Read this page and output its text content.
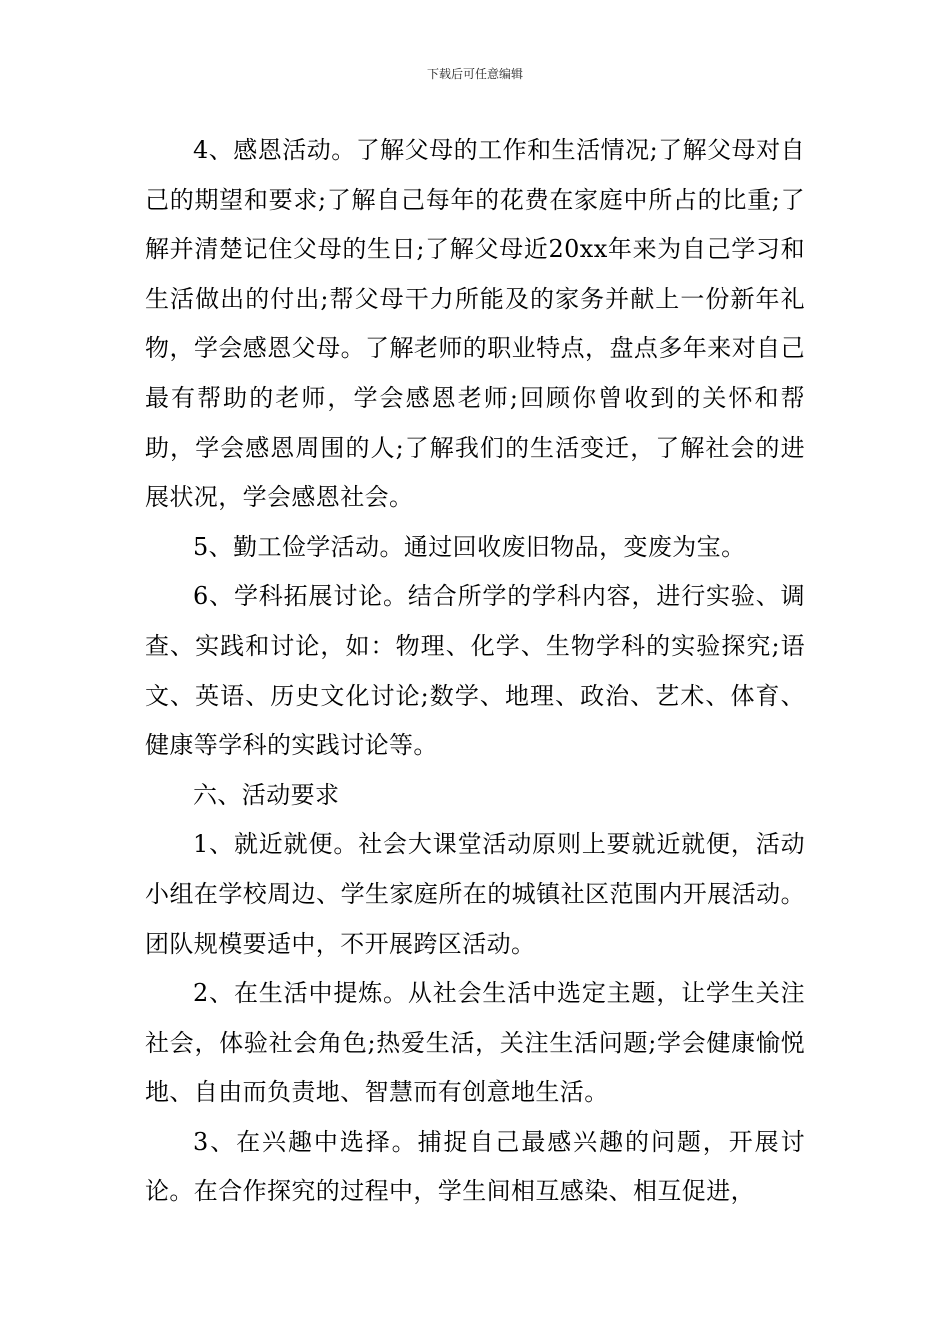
下载后可任意编辑

4、感恩活动。了解父母的工作和生活情况;了解父母对自己的期望和要求;了解自己每年的花费在家庭中所占的比重;了解并清楚记住父母的生日;了解父母近20xx年来为自己学习和生活做出的付出;帮父母干力所能及的家务并献上一份新年礼物，学会感恩父母。了解老师的职业特点，盘点多年来对自己最有帮助的老师，学会感恩老师;回顾你曾收到的关怀和帮助，学会感恩周围的人;了解我们的生活变迁，了解社会的进展状况，学会感恩社会。

5、勤工俭学活动。通过回收废旧物品，变废为宝。

6、学科拓展讨论。结合所学的学科内容，进行实验、调查、实践和讨论，如：物理、化学、生物学科的实验探究;语文、英语、历史文化讨论;数学、地理、政治、艺术、体育、健康等学科的实践讨论等。

六、活动要求

1、就近就便。社会大课堂活动原则上要就近就便，活动小组在学校周边、学生家庭所在的城镇社区范围内开展活动。团队规模要适中，不开展跨区活动。

2、在生活中提炼。从社会生活中选定主题，让学生关注社会，体验社会角色;热爱生活，关注生活问题;学会健康愉悦地、自由而负责地、智慧而有创意地生活。

3、在兴趣中选择。捕捉自己最感兴趣的问题，开展讨论。在合作探究的过程中，学生间相互感染、相互促进，
